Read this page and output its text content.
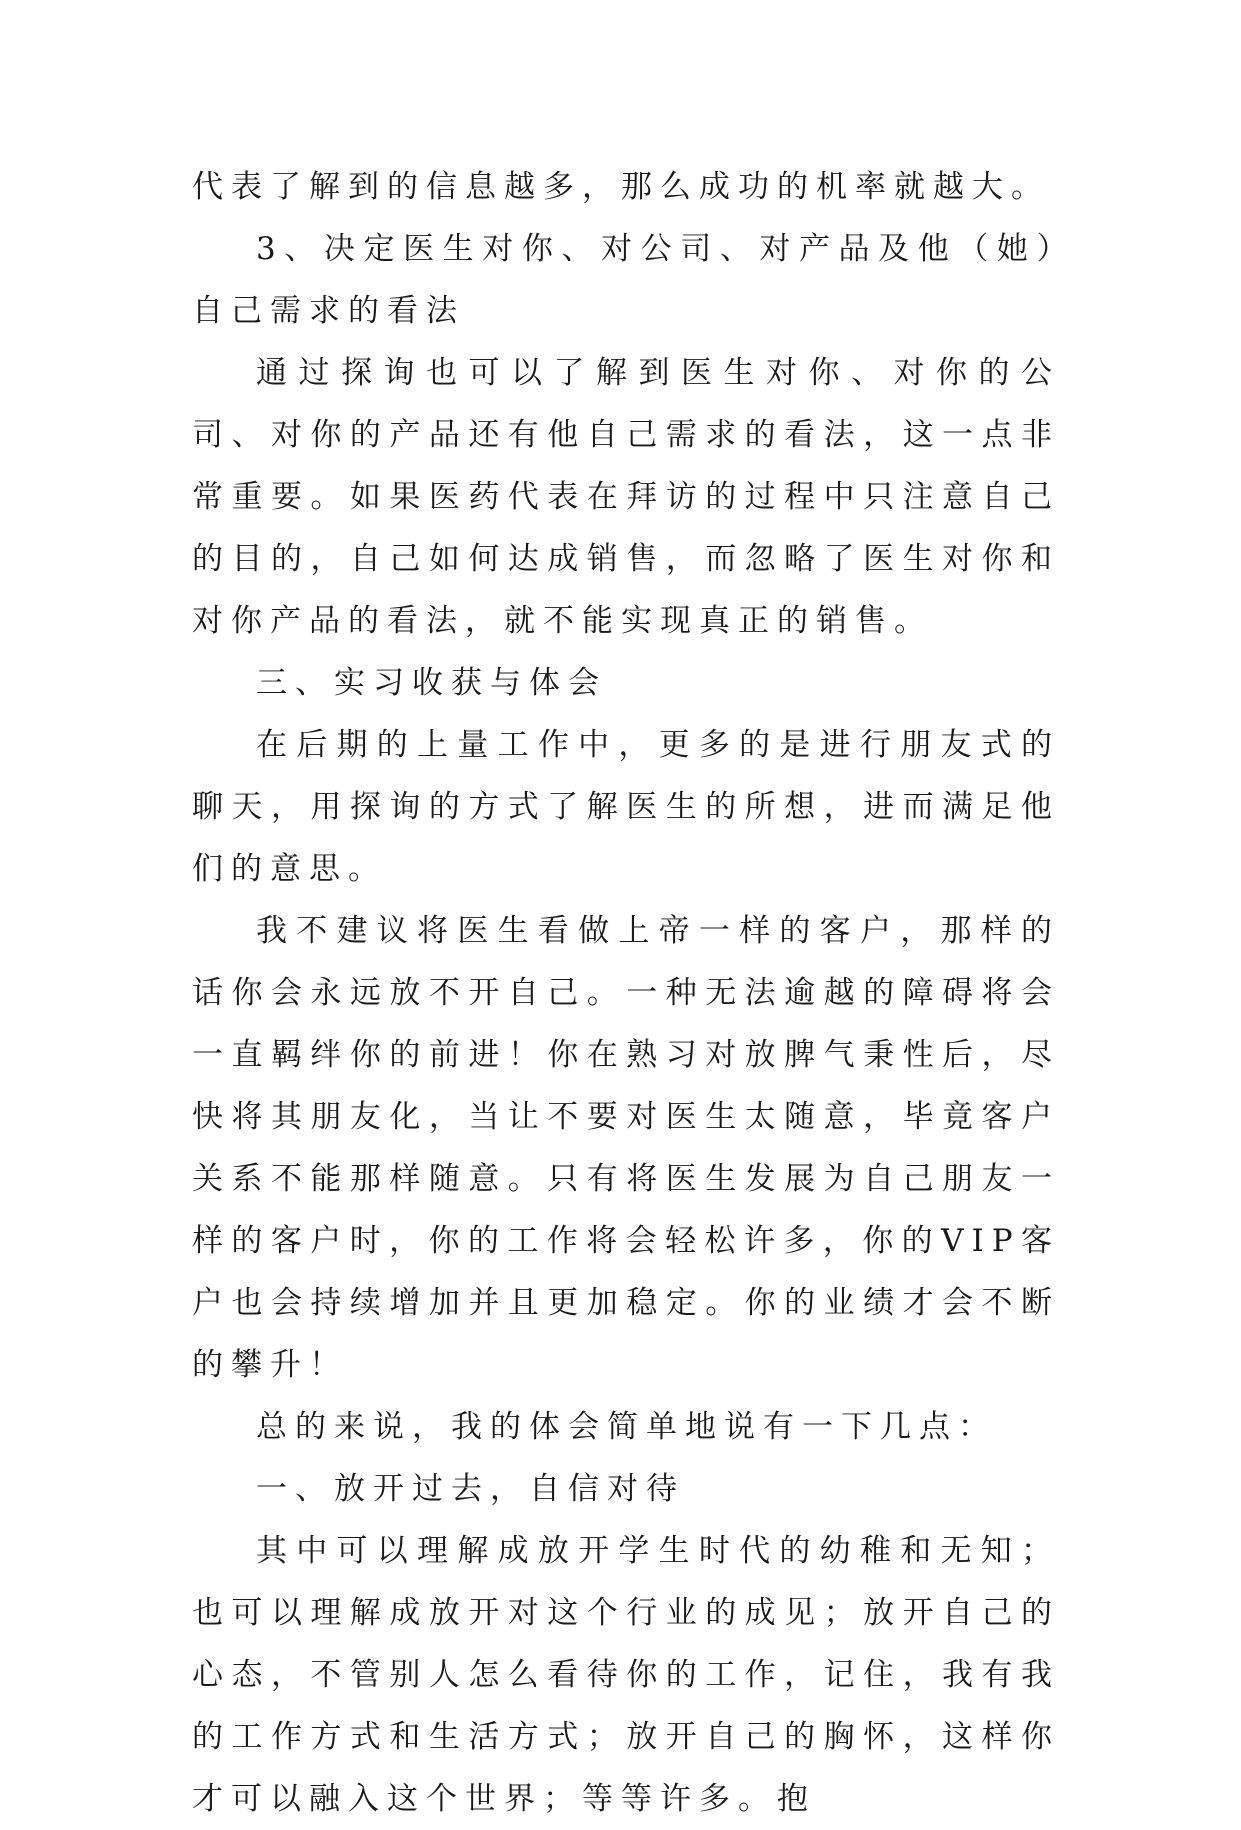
代表了解到的信息越多，那么成功的机率就越大。

3、决定医生对你、对公司、对产品及他（她）自己需求的看法

通过探询也可以了解到医生对你、对你的公司、对你的产品还有他自己需求的看法，这一点非常重要。如果医药代表在拜访的过程中只注意自己的目的，自己如何达成销售，而忽略了医生对你和对你产品的看法，就不能实现真正的销售。

三、实习收获与体会

在后期的上量工作中，更多的是进行朋友式的聊天，用探询的方式了解医生的所想，进而满足他们的意思。

我不建议将医生看做上帝一样的客户，那样的话你会永远放不开自己。一种无法逾越的障碍将会一直羁绊你的前进！你在熟习对放脾气秉性后，尽快将其朋友化，当让不要对医生太随意，毕竟客户关系不能那样随意。只有将医生发展为自己朋友一样的客户时，你的工作将会轻松许多，你的VIP客户也会持续增加并且更加稳定。你的业绩才会不断的攀升！

总的来说，我的体会简单地说有一下几点：

一、放开过去，自信对待

其中可以理解成放开学生时代的幼稚和无知；也可以理解成放开对这个行业的成见；放开自己的心态，不管别人怎么看待你的工作，记住，我有我的工作方式和生活方式；放开自己的胸怀，这样你才可以融入这个世界；等等许多。抱
